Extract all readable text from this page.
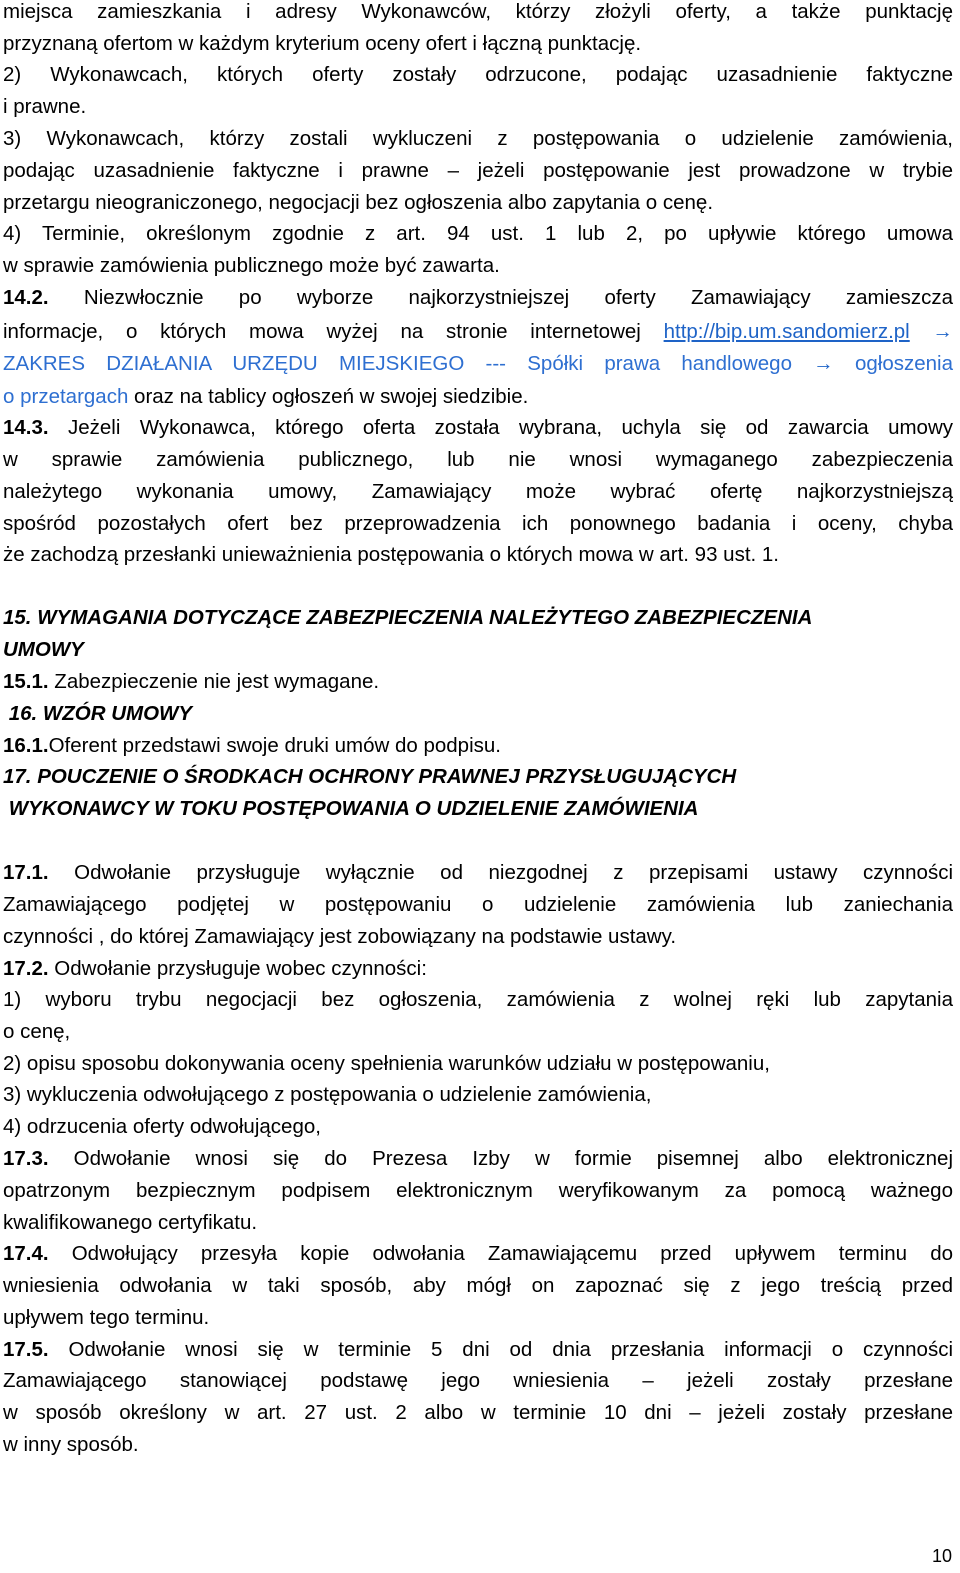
miejsca zamieszkania i adresy Wykonawców, którzy złożyli oferty, a także punktację
przyznaną ofertom w każdym kryterium oceny ofert i łączną punktację.
2) Wykonawcach, których oferty zostały odrzucone, podając uzasadnienie faktyczne
i prawne.
3) Wykonawcach, którzy zostali wykluczeni z postępowania o udzielenie zamówienia,
podając uzasadnienie faktyczne i prawne – jeżeli postępowanie jest prowadzone w trybie
przetargu nieograniczonego, negocjacji bez ogłoszenia albo zapytania o cenę.
4) Terminie, określonym zgodnie z art. 94 ust. 1 lub 2, po upływie którego umowa
w sprawie zamówienia publicznego może być zawarta.
14.2. Niezwłocznie po wyborze najkorzystniejszej oferty Zamawiający zamieszcza
informacje, o których mowa wyżej na stronie internetowej http://bip.um.sandomierz.pl →
ZAKRES DZIAŁANIA URZĘDU MIEJSKIEGO --- Spółki prawa handlowego → ogłoszenia
o przetargach oraz na tablicy ogłoszeń w swojej siedzibie.
14.3. Jeżeli Wykonawca, którego oferta została wybrana, uchyla się od zawarcia umowy
w sprawie zamówienia publicznego, lub nie wnosi wymaganego zabezpieczenia
należytego wykonania umowy, Zamawiający może wybrać ofertę najkorzystniejszą
spośród pozostałych ofert bez przeprowadzenia ich ponownego badania i oceny, chyba
że zachodzą przesłanki unieważnienia postępowania o których mowa w art. 93 ust. 1.
15. WYMAGANIA DOTYCZĄCE ZABEZPIECZENIA NALEŻYTEGO ZABEZPIECZENIA
UMOWY
15.1. Zabezpieczenie nie jest wymagane.
16. WZÓR UMOWY
16.1.Oferent przedstawi swoje druki umów do podpisu.
17. POUCZENIE O ŚRODKACH OCHRONY PRAWNEJ PRZYSŁUGUJĄCYCH
WYKONAWCY W TOKU POSTĘPOWANIA O UDZIELENIE ZAMÓWIENIA
17.1. Odwołanie przysługuje wyłącznie od niezgodnej z przepisami ustawy czynności
Zamawiającego podjętej w postępowaniu o udzielenie zamówienia lub zaniechania
czynności , do której Zamawiający jest zobowiązany na podstawie ustawy.
17.2. Odwołanie przysługuje wobec czynności:
1) wyboru trybu negocjacji bez ogłoszenia, zamówienia z wolnej ręki lub zapytania
o cenę,
2) opisu sposobu dokonywania oceny spełnienia warunków udziału w postępowaniu,
3) wykluczenia odwołującego z postępowania o udzielenie zamówienia,
4) odrzucenia oferty odwołującego,
17.3. Odwołanie wnosi się do Prezesa Izby w formie pisemnej albo elektronicznej
opatrzonym bezpiecznym podpisem elektronicznym weryfikowanym za pomocą ważnego
kwalifikowanego certyfikatu.
17.4. Odwołujący przesyła kopie odwołania Zamawiającemu przed upływem terminu do
wniesienia odwołania w taki sposób, aby mógł on zapoznać się z jego treścią przed
upływem tego terminu.
17.5. Odwołanie wnosi się w terminie 5 dni od dnia przesłania informacji o czynności
Zamawiającego stanowiącej podstawę jego wniesienia – jeżeli zostały przesłane
w sposób określony w art. 27 ust. 2 albo w terminie 10 dni – jeżeli zostały przesłane
w inny sposób.
10
